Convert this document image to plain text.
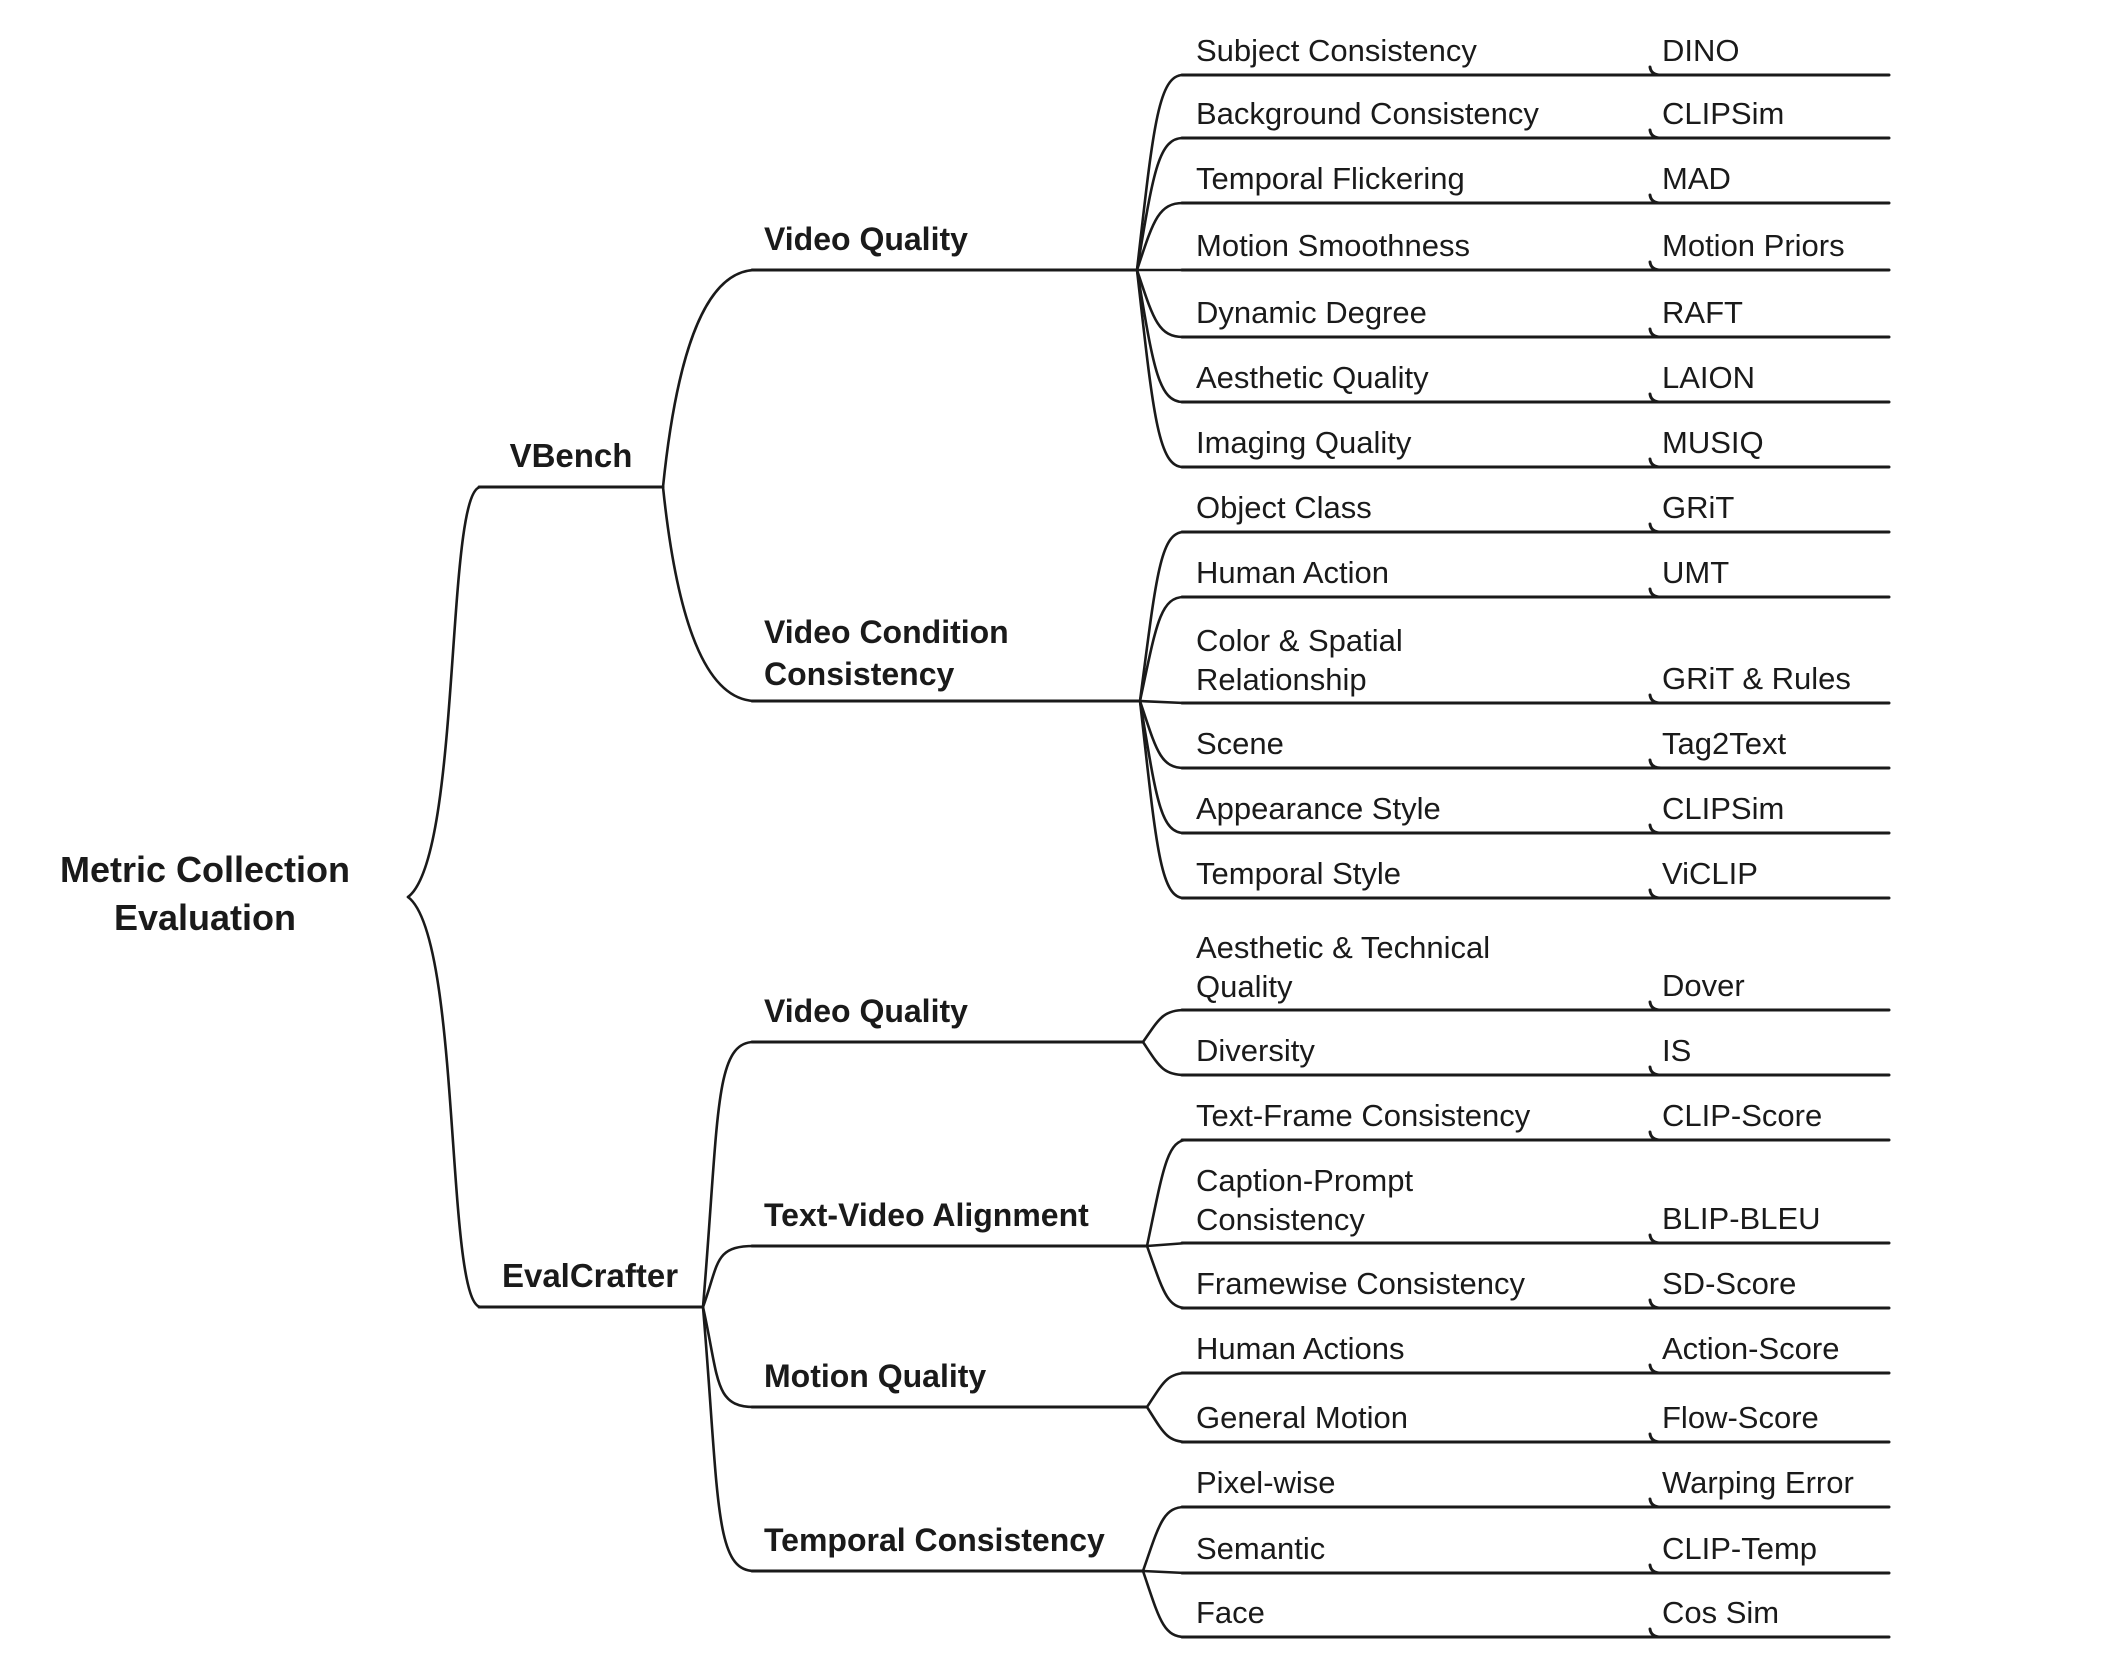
Metric Collection
Evaluation
VBench
EvalCrafter
Video Quality
Video Condition Consistency
Video Quality
Text-Video Alignment
Motion Quality
Temporal Consistency
Subject Consistency	DINO
Background Consistency	CLIPSim
Temporal Flickering	MAD
Motion Smoothness	Motion Priors
Dynamic Degree	RAFT
Aesthetic Quality	LAION
Imaging Quality	MUSIQ
Object Class	GRiT
Human Action	UMT
Color & Spatial Relationship	GRiT & Rules
Scene	Tag2Text
Appearance Style	CLIPSim
Temporal Style	ViCLIP
Aesthetic & Technical Quality	Dover
Diversity	IS
Text-Frame Consistency	CLIP-Score
Caption-Prompt Consistency	BLIP-BLEU
Framewise Consistency	SD-Score
Human Actions	Action-Score
General Motion	Flow-Score
Pixel-wise	Warping Error
Semantic	CLIP-Temp
Face	Cos Sim
